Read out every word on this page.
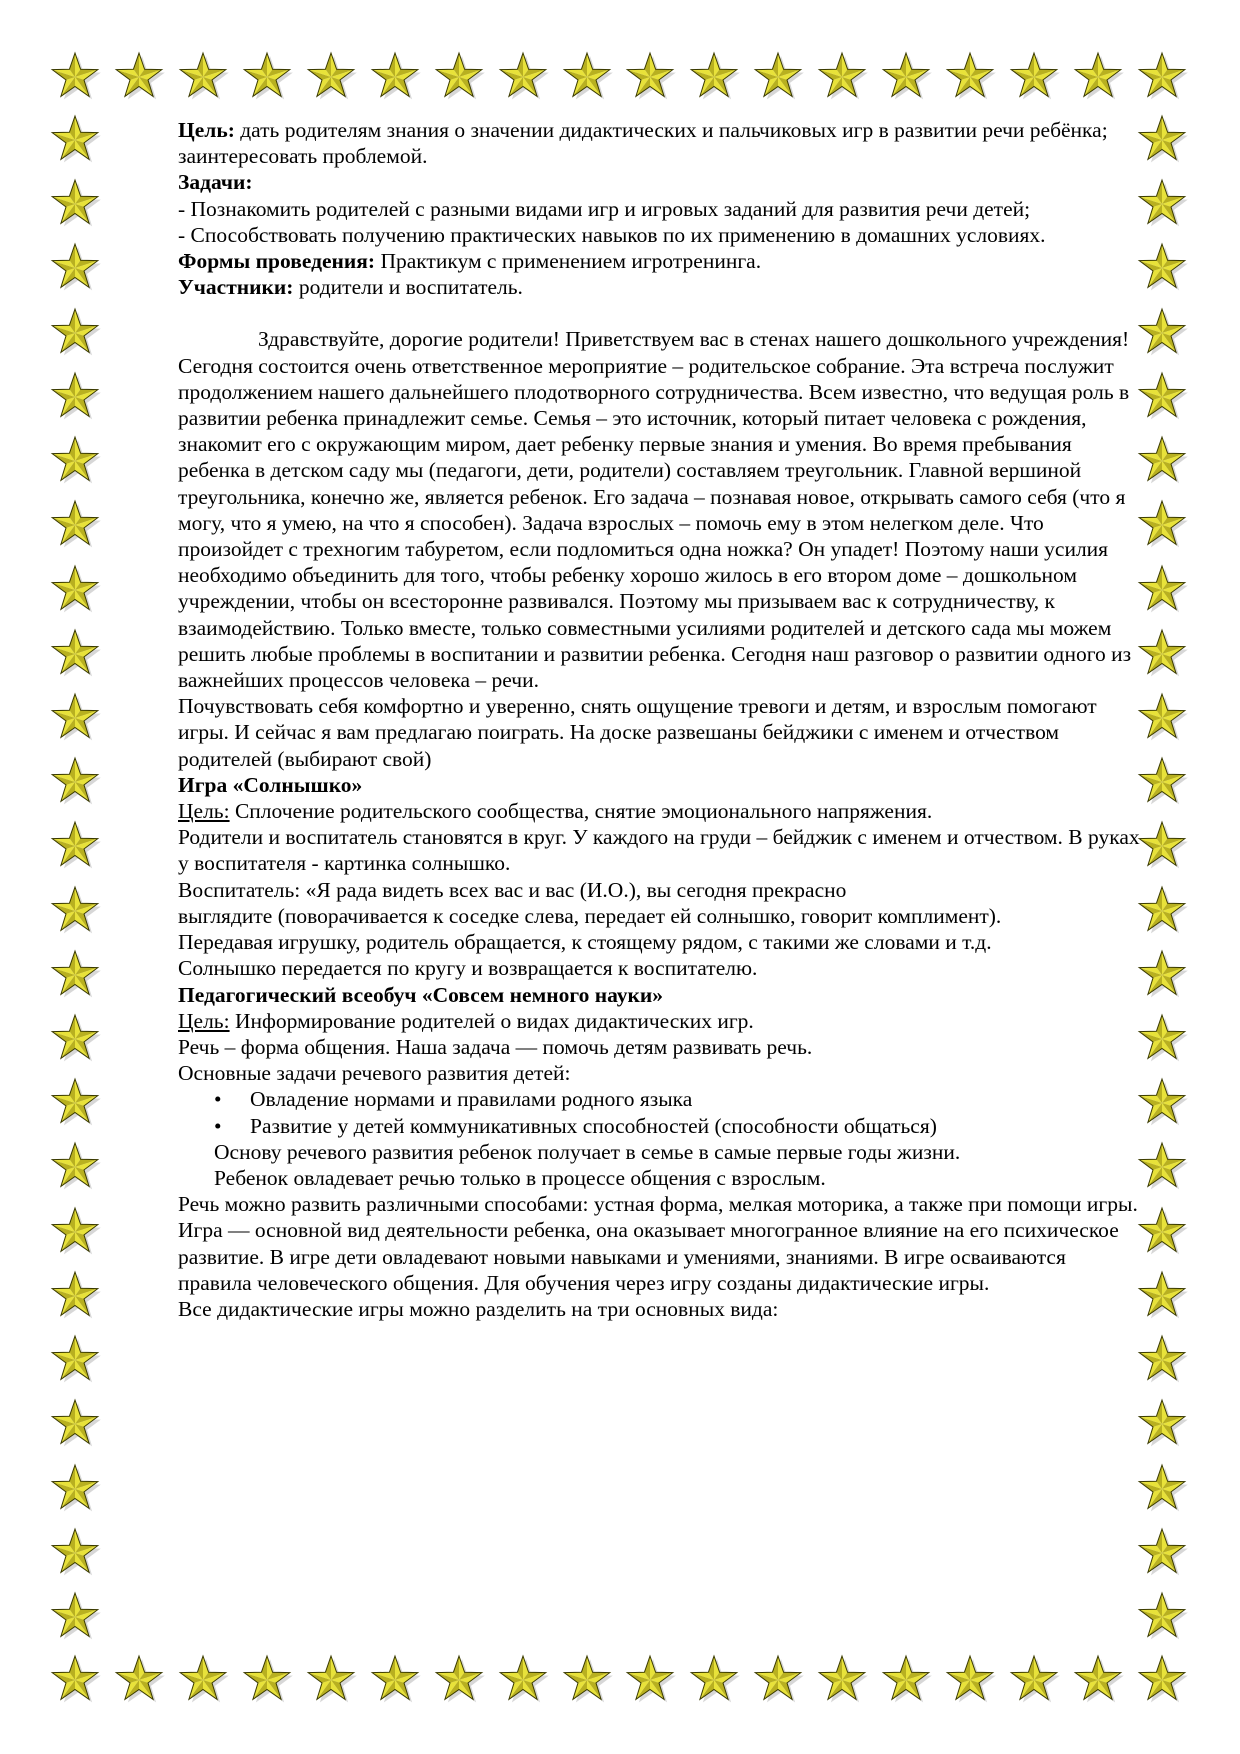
Цель: дать родителям знания о значении дидактических и пальчиковых игр в развитии речи ребёнка; заинтересовать проблемой.

Задачи:

- Познакомить родителей с разными видами игр и игровых заданий для развития речи детей;

- Способствовать получению практических навыков по их применению в домашних условиях.

Формы проведения: Практикум с применением игротренинга.

Участники: родители и воспитатель.

Здравствуйте, дорогие родители! Приветствуем вас в стенах нашего дошкольного учреждения! Сегодня состоится очень ответственное мероприятие – родительское собрание. Эта встреча послужит

продолжением нашего дальнейшего плодотворного сотрудничества. Всем известно, что ведущая роль в развитии ребенка принадлежит семье. Семья – это источник, который питает человека с рождения, знакомит его с окружающим миром, дает ребенку первые знания и умения. Во время пребывания ребенка в детском саду мы (педагоги, дети, родители) составляем треугольник. Главной вершиной треугольника, конечно же, является ребенок. Его задача – познавая новое, открывать самого себя (что я могу, что я умею, на что я способен). Задача взрослых – помочь ему в этом нелегком деле. Что произойдет с трехногим табуретом, если подломиться одна ножка? Он упадет! Поэтому наши усилия необходимо объединить для того, чтобы ребенку хорошо жилось в его втором доме – дошкольном учреждении, чтобы он всесторонне развивался. Поэтому мы призываем вас к сотрудничеству, к взаимодействию. Только вместе, только совместными усилиями родителей и детского сада мы можем решить любые проблемы в воспитании и развитии ребенка. Сегодня наш разговор о развитии одного из важнейших процессов человека – речи.

Почувствовать себя комфортно и уверенно, снять ощущение тревоги и детям, и взрослым помогают игры. И сейчас я вам предлагаю поиграть. На доске развешаны бейджики с именем и отчеством родителей (выбирают свой)

Игра «Солнышко»

Цель: Сплочение родительского сообщества, снятие эмоционального напряжения.

Родители и воспитатель становятся в круг. У каждого на груди – бейджик с именем и отчеством. В руках у воспитателя - картинка солнышко.

Воспитатель: «Я рада видеть всех вас и вас (И.О.), вы сегодня прекрасно

выглядите (поворачивается к соседке слева, передает ей солнышко, говорит комплимент).

Передавая игрушку, родитель обращается, к стоящему рядом, с такими же словами и т.д.

Солнышко передается по кругу и возвращается к воспитателю.

Педагогический всеобуч «Совсем немного науки»

Цель: Информирование родителей о видах дидактических игр.

Речь – форма общения. Наша задача — помочь детям развивать речь.

Основные задачи речевого развития детей:

• Овладение нормами и правилами родного языка
• Развитие у детей коммуникативных способностей (способности общаться)

Основу речевого развития ребенок получает в семье в самые первые годы жизни.

Ребенок овладевает речью только в процессе общения с взрослым.

Речь можно развить различными способами: устная форма, мелкая моторика, а также при помощи игры. Игра — основной вид деятельности ребенка, она оказывает многогранное влияние на его психическое развитие. В игре дети овладевают новыми навыками и умениями, знаниями. В игре осваиваются правила человеческого общения. Для обучения через игру созданы дидактические игры.

Все дидактические игры можно разделить на три основных вида:
